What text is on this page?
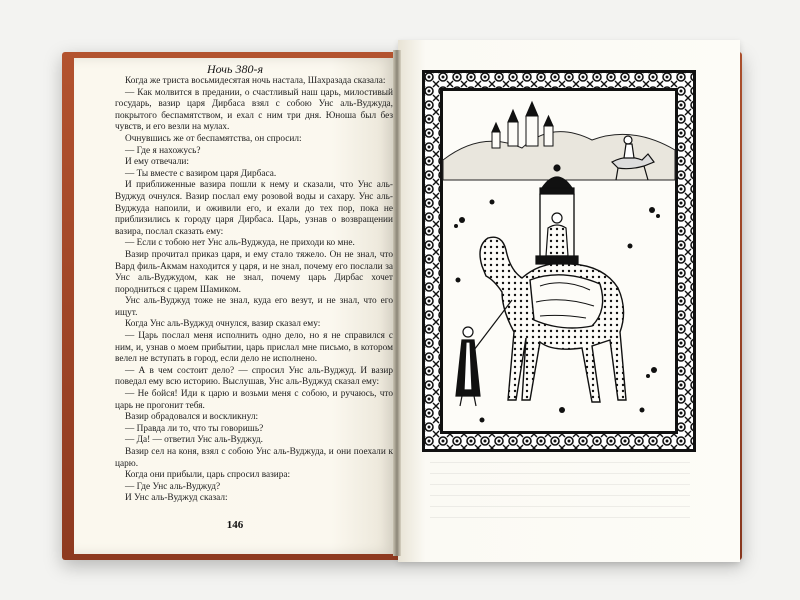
Ночь 380-я

Когда же триста восьмидесятая ночь настала, Шахразада сказала:

— Как молвится в предании, о счастливый наш царь, милостивый государь, вазир царя Дирбаса взял с собою Унс аль-Вуджуда, покрытого беспамятством, и ехал с ним три дня. Юноша был без чувств, и его везли на мулах.

Очнувшись же от беспамятства, он спросил:

— Где я нахожусь?

И ему отвечали:

— Ты вместе с вазиром царя Дирбаса.

И приближенные вазира пошли к нему и сказали, что Унс аль-Вуджуд очнулся. Вазир послал ему розовой воды и сахару. Унс аль-Вуджуда напоили, и оживили его, и ехали до тех пор, пока не приблизились к городу царя Дирбаса. Царь, узнав о возвращении вазира, послал сказать ему:

— Если с тобою нет Унс аль-Вуджуда, не приходи ко мне.

Вазир прочитал приказ царя, и ему стало тяжело. Он не знал, что Вард филь-Акмам находится у царя, и не знал, почему его послали за Унс аль-Вуджудом, как не знал, почему царь Дирбас хочет породниться с царем Шамиком.

Унс аль-Вуджуд тоже не знал, куда его везут, и не знал, что его ищут.

Когда Унс аль-Вуджуд очнулся, вазир сказал ему:

— Царь послал меня исполнить одно дело, но я не справился с ним, и, узнав о моем прибытии, царь прислал мне письмо, в котором велел не вступать в город, если дело не исполнено.

— А в чем состоит дело? — спросил Унс аль-Вуджуд. И вазир поведал ему всю историю. Выслушав, Унс аль-Вуджуд сказал ему:

— Не бойся! Иди к царю и возьми меня с собою, и ручаюсь, что царь не прогонит тебя.

Вазир обрадовался и воскликнул:

— Правда ли то, что ты говоришь?

— Да! — ответил Унс аль-Вуджуд.

Вазир сел на коня, взял с собою Унс аль-Вуджуда, и они поехали к царю.

Когда они прибыли, царь спросил вазира:

— Где Унс аль-Вуджуд?

И Унс аль-Вуджуд сказал:

146
